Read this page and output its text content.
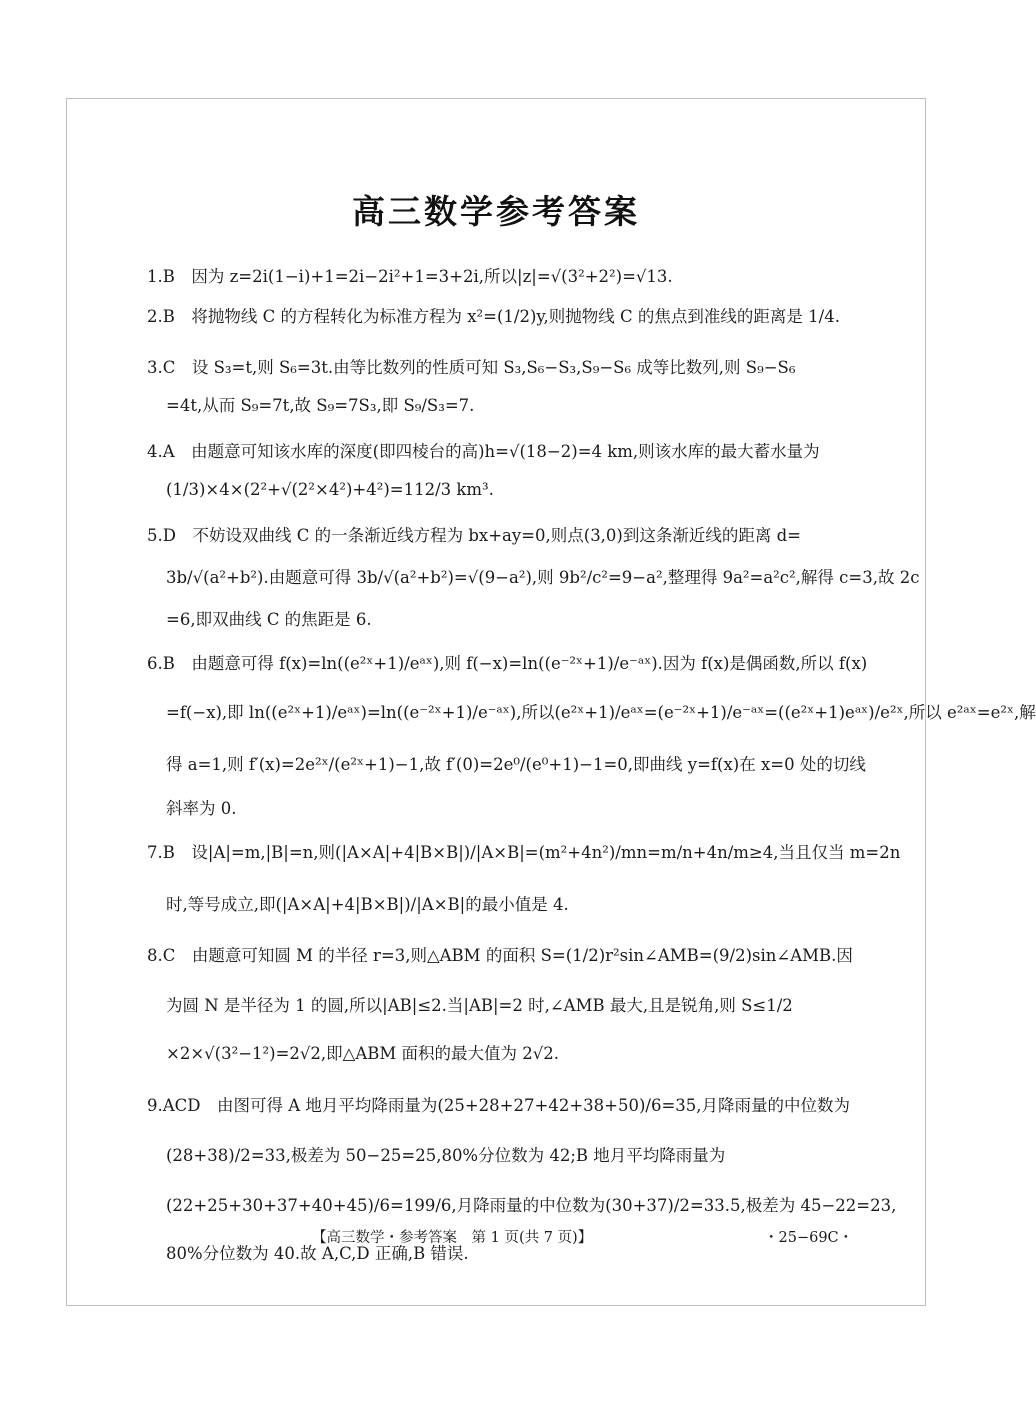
高三数学参考答案
1.B　因为 z=2i(1−i)+1=2i−2i²+1=3+2i,所以|z|=√(3²+2²)=√13.
2.B　将抛物线 C 的方程转化为标准方程为 x²=(1/2)y,则抛物线 C 的焦点到准线的距离是 1/4.
3.C　设 S₃=t,则 S₆=3t.由等比数列的性质可知 S₃,S₆−S₃,S₉−S₆ 成等比数列,则 S₉−S₆
=4t,从而 S₉=7t,故 S₉=7S₃,即 S₉/S₃=7.
4.A　由题意可知该水库的深度(即四棱台的高)h=√(18−2)=4 km,则该水库的最大蓄水量为
(1/3)×4×(2²+√(2²×4²)+4²)=112/3 km³.
5.D　不妨设双曲线 C 的一条渐近线方程为 bx+ay=0,则点(3,0)到这条渐近线的距离 d=
3b/√(a²+b²).由题意可得 3b/√(a²+b²)=√(9−a²),则 9b²/c²=9−a²,整理得 9a²=a²c²,解得 c=3,故 2c
=6,即双曲线 C 的焦距是 6.
6.B　由题意可得 f(x)=ln((e²ˣ+1)/eᵃˣ),则 f(−x)=ln((e⁻²ˣ+1)/e⁻ᵃˣ).因为 f(x)是偶函数,所以 f(x)
=f(−x),即 ln((e²ˣ+1)/eᵃˣ)=ln((e⁻²ˣ+1)/e⁻ᵃˣ),所以(e²ˣ+1)/eᵃˣ=(e⁻²ˣ+1)/e⁻ᵃˣ=((e²ˣ+1)eᵃˣ)/e²ˣ,所以 e²ᵃˣ=e²ˣ,解
得 a=1,则 f′(x)=2e²ˣ/(e²ˣ+1)−1,故 f′(0)=2e⁰/(e⁰+1)−1=0,即曲线 y=f(x)在 x=0 处的切线
斜率为 0.
7.B　设|A|=m,|B|=n,则(|A×A|+4|B×B|)/|A×B|=(m²+4n²)/mn=m/n+4n/m≥4,当且仅当 m=2n
时,等号成立,即(|A×A|+4|B×B|)/|A×B|的最小值是 4.
8.C　由题意可知圆 M 的半径 r=3,则△ABM 的面积 S=(1/2)r²sin∠AMB=(9/2)sin∠AMB.因
为圆 N 是半径为 1 的圆,所以|AB|≤2.当|AB|=2 时,∠AMB 最大,且是锐角,则 S≤1/2
×2×√(3²−1²)=2√2,即△ABM 面积的最大值为 2√2.
9.ACD　由图可得 A 地月平均降雨量为(25+28+27+42+38+50)/6=35,月降雨量的中位数为
(28+38)/2=33,极差为 50−25=25,80%分位数为 42;B 地月平均降雨量为
(22+25+30+37+40+45)/6=199/6,月降雨量的中位数为(30+37)/2=33.5,极差为 45−22=23,
80%分位数为 40.故 A,C,D 正确,B 错误.
【高三数学・参考答案　第 1 页(共 7 页)】	・25−69C・
